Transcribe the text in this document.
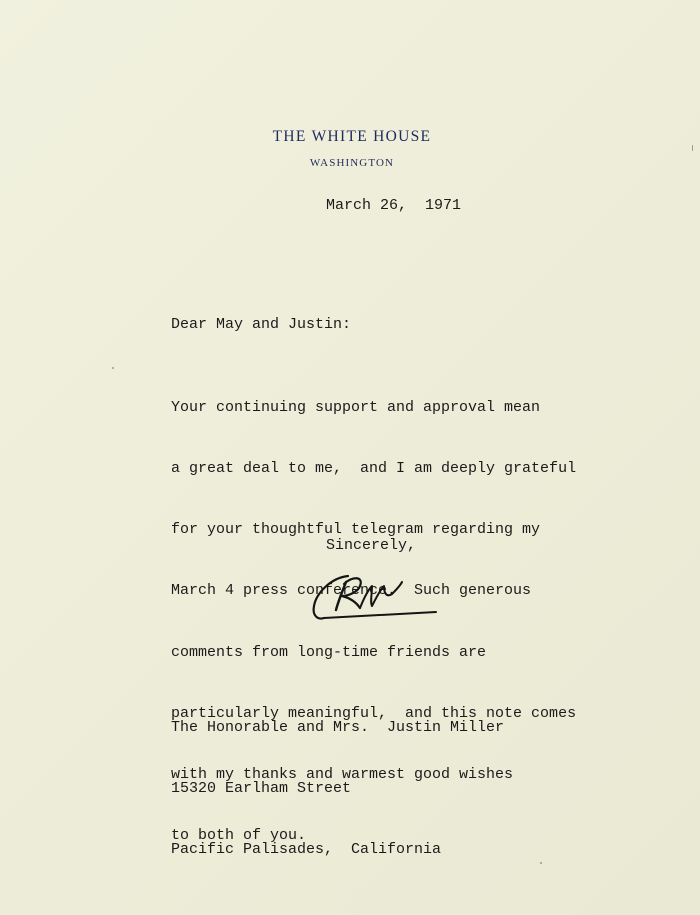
THE WHITE HOUSE
WASHINGTON
March 26,  1971
Dear May and Justin:

Your continuing support and approval mean

a great deal to me,  and I am deeply grateful

for your thoughtful telegram regarding my

March 4 press conference.  Such generous

comments from long-time friends are

particularly meaningful,  and this note comes

with my thanks and warmest good wishes

to both of you.

Sincerely,

The Honorable and Mrs.  Justin Miller

15320 Earlham Street

Pacific Palisades,  California
